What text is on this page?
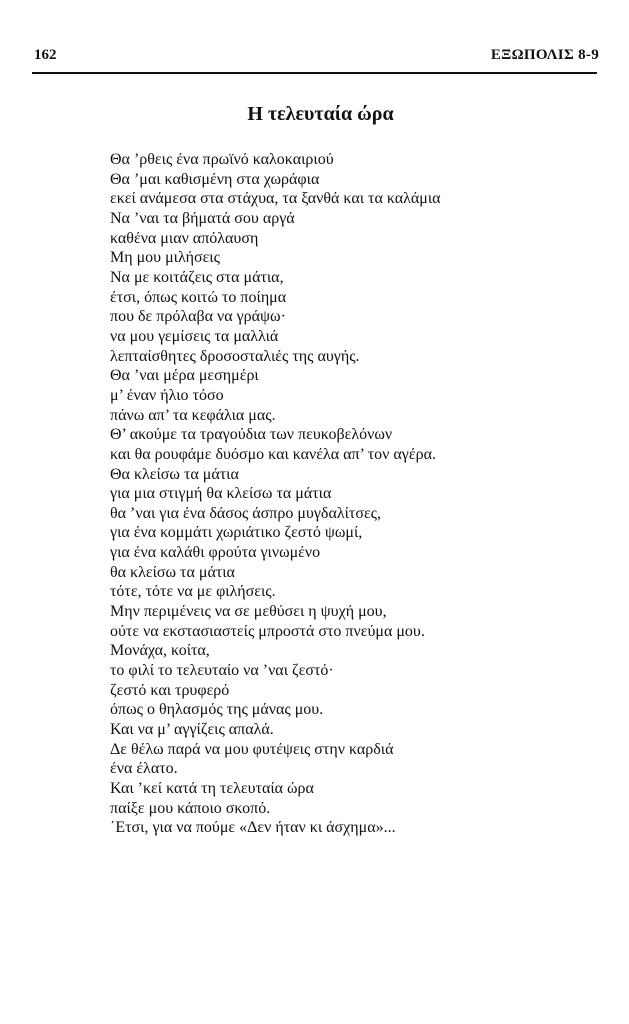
162	ΕΞΩΠΟΛΙΣ 8-9
Η τελευταία ώρα
Θα ’ρθεις ένα πρωϊνό καλοκαιριού
Θα ’μαι καθισμένη στα χωράφια
εκεί ανάμεσα στα στάχυα, τα ξανθά και τα καλάμια
Να ’ναι τα βήματά σου αργά
καθένα μιαν απόλαυση
Μη μου μιλήσεις
Να με κοιτάζεις στα μάτια,
έτσι, όπως κοιτώ το ποίημα
που δε πρόλαβα να γράψω·
να μου γεμίσεις τα μαλλιά
λεπταίσθητες δροσοσταλιές της αυγής.
Θα ’ναι μέρα μεσημέρι
μ’ έναν ήλιο τόσο
πάνω απ’ τα κεφάλια μας.
Θ’ ακούμε τα τραγούδια των πευκοβελόνων
και θα ρουφάμε δυόσμο και κανέλα απ’ τον αγέρα.
Θα κλείσω τα μάτια
για μια στιγμή θα κλείσω τα μάτια
θα ’ναι για ένα δάσος άσπρο μυγδαλίτσες,
για ένα κομμάτι χωριάτικο ζεστό ψωμί,
για ένα καλάθι φρούτα γινωμένο
θα κλείσω τα μάτια
τότε, τότε να με φιλήσεις.
Μην περιμένεις να σε μεθύσει η ψυχή μου,
ούτε να εκστασιαστείς μπροστά στο πνεύμα μου.
Μονάχα, κοίτα,
το φιλί το τελευταίο να ’ναι ζεστό·
ζεστό και τρυφερό
όπως ο θηλασμός της μάνας μου.
Και να μ’ αγγίζεις απαλά.
Δε θέλω παρά να μου φυτέψεις στην καρδιά
ένα έλατο.
Και ’κεί κατά τη τελευταία ώρα
παίξε μου κάποιο σκοπό.
΄Ετσι, για να πούμε «Δεν ήταν κι άσχημα»...
